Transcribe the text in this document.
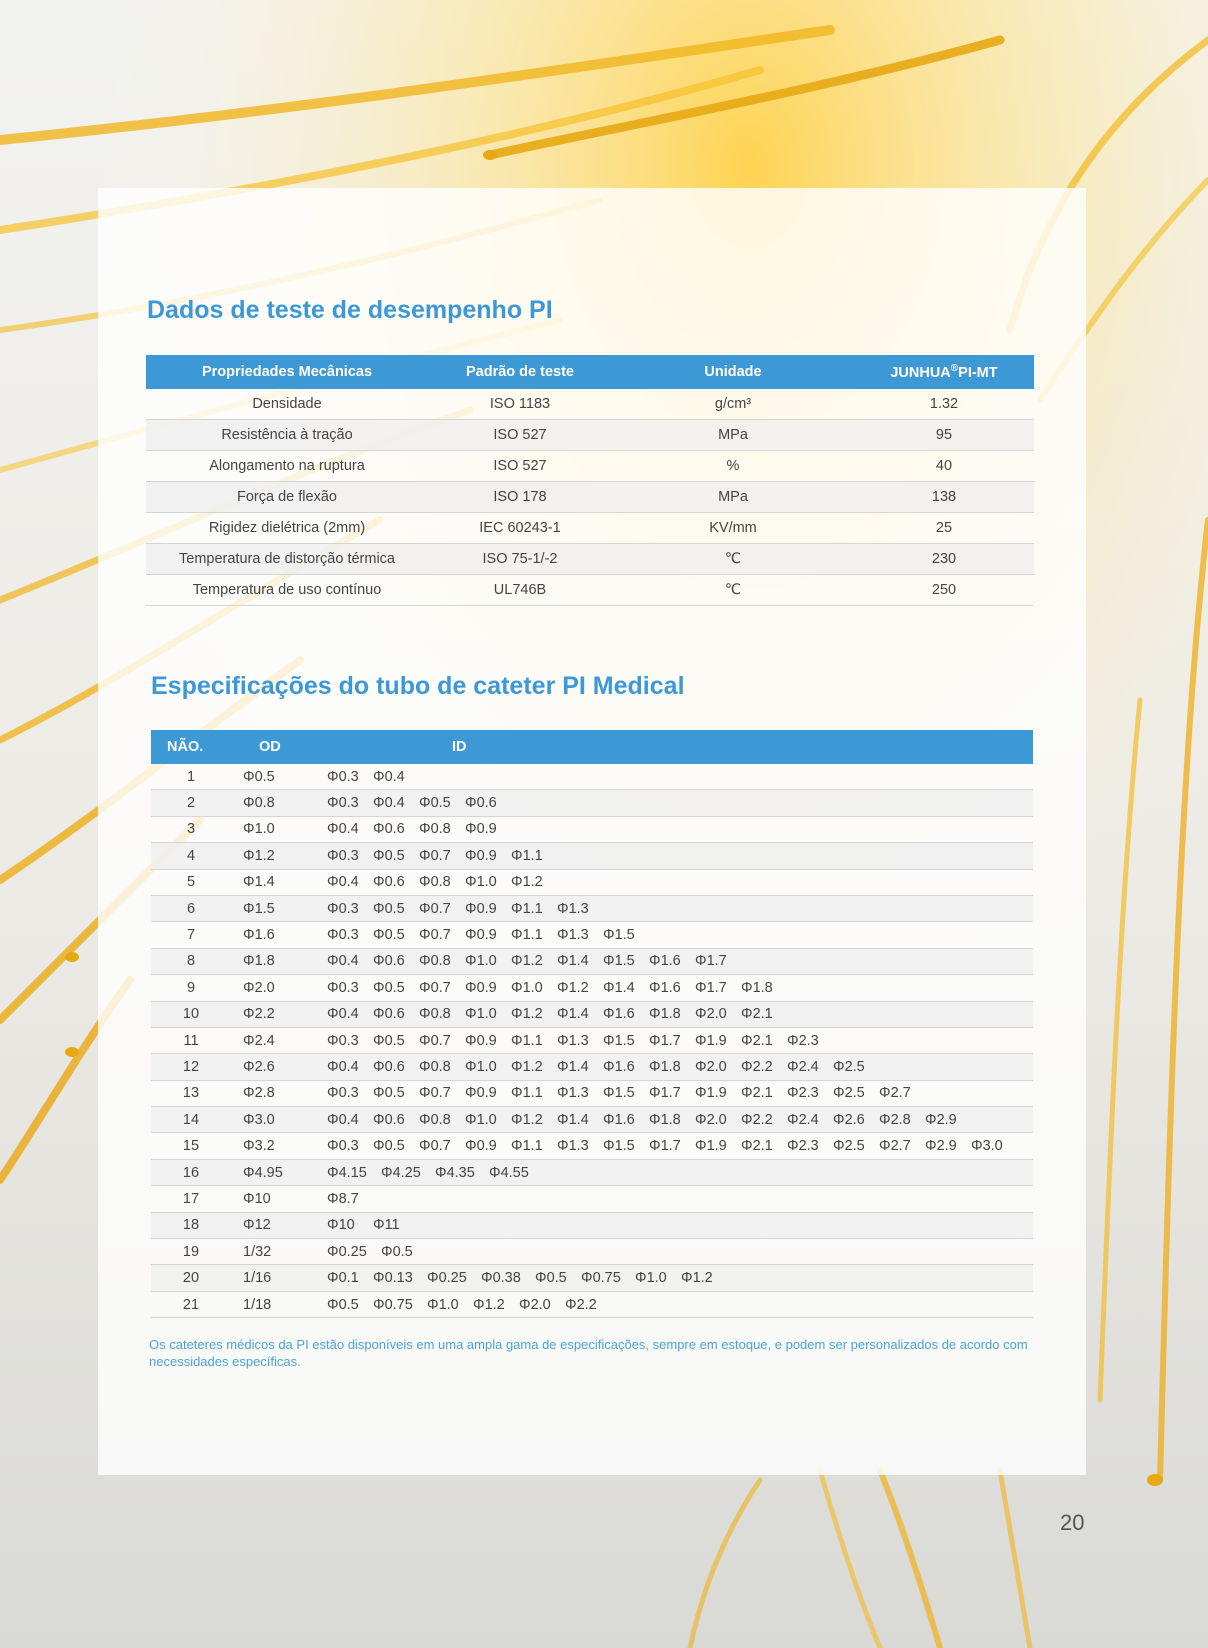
Dados de teste de desempenho PI
Propriedades Mecânicas	Padrão de teste	Unidade	JUNHUA®PI-MT
Densidade	ISO 1183	g/cm³	1.32
Resistência à tração	ISO 527	MPa	95
Alongamento na ruptura	ISO 527	%	40
Força de flexão	ISO 178	MPa	138
Rigidez dielétrica (2mm)	IEC 60243-1	KV/mm	25
Temperatura de distorção térmica	ISO 75-1/-2	℃	230
Temperatura de uso contínuo	UL746B	℃	250
Especificações do tubo de cateter PI Medical
NÃO.	OD	ID
1	Φ0.5	Φ0.3 Φ0.4
2	Φ0.8	Φ0.3 Φ0.4 Φ0.5 Φ0.6
3	Φ1.0	Φ0.4 Φ0.6 Φ0.8 Φ0.9
4	Φ1.2	Φ0.3 Φ0.5 Φ0.7 Φ0.9 Φ1.1
5	Φ1.4	Φ0.4 Φ0.6 Φ0.8 Φ1.0 Φ1.2
6	Φ1.5	Φ0.3 Φ0.5 Φ0.7 Φ0.9 Φ1.1 Φ1.3
7	Φ1.6	Φ0.3 Φ0.5 Φ0.7 Φ0.9 Φ1.1 Φ1.3 Φ1.5
8	Φ1.8	Φ0.4 Φ0.6 Φ0.8 Φ1.0 Φ1.2 Φ1.4 Φ1.5 Φ1.6 Φ1.7
9	Φ2.0	Φ0.3 Φ0.5 Φ0.7 Φ0.9 Φ1.0 Φ1.2 Φ1.4 Φ1.6 Φ1.7 Φ1.8
10	Φ2.2	Φ0.4 Φ0.6 Φ0.8 Φ1.0 Φ1.2 Φ1.4 Φ1.6 Φ1.8 Φ2.0 Φ2.1
11	Φ2.4	Φ0.3 Φ0.5 Φ0.7 Φ0.9 Φ1.1 Φ1.3 Φ1.5 Φ1.7 Φ1.9 Φ2.1 Φ2.3
12	Φ2.6	Φ0.4 Φ0.6 Φ0.8 Φ1.0 Φ1.2 Φ1.4 Φ1.6 Φ1.8 Φ2.0 Φ2.2 Φ2.4 Φ2.5
13	Φ2.8	Φ0.3 Φ0.5 Φ0.7 Φ0.9 Φ1.1 Φ1.3 Φ1.5 Φ1.7 Φ1.9 Φ2.1 Φ2.3 Φ2.5 Φ2.7
14	Φ3.0	Φ0.4 Φ0.6 Φ0.8 Φ1.0 Φ1.2 Φ1.4 Φ1.6 Φ1.8 Φ2.0 Φ2.2 Φ2.4 Φ2.6 Φ2.8 Φ2.9
15	Φ3.2	Φ0.3 Φ0.5 Φ0.7 Φ0.9 Φ1.1 Φ1.3 Φ1.5 Φ1.7 Φ1.9 Φ2.1 Φ2.3 Φ2.5 Φ2.7 Φ2.9 Φ3.0
16	Φ4.95	Φ4.15 Φ4.25 Φ4.35 Φ4.55
17	Φ10	Φ8.7
18	Φ12	Φ10 Φ11
19	1/32	Φ0.25 Φ0.5
20	1/16	Φ0.1 Φ0.13 Φ0.25 Φ0.38 Φ0.5 Φ0.75 Φ1.0 Φ1.2
21	1/18	Φ0.5 Φ0.75 Φ1.0 Φ1.2 Φ2.0 Φ2.2

Os cateteres médicos da PI estão disponíveis em uma ampla gama de especificações, sempre em estoque, e podem ser personalizados de acordo com necessidades específicas.

20
